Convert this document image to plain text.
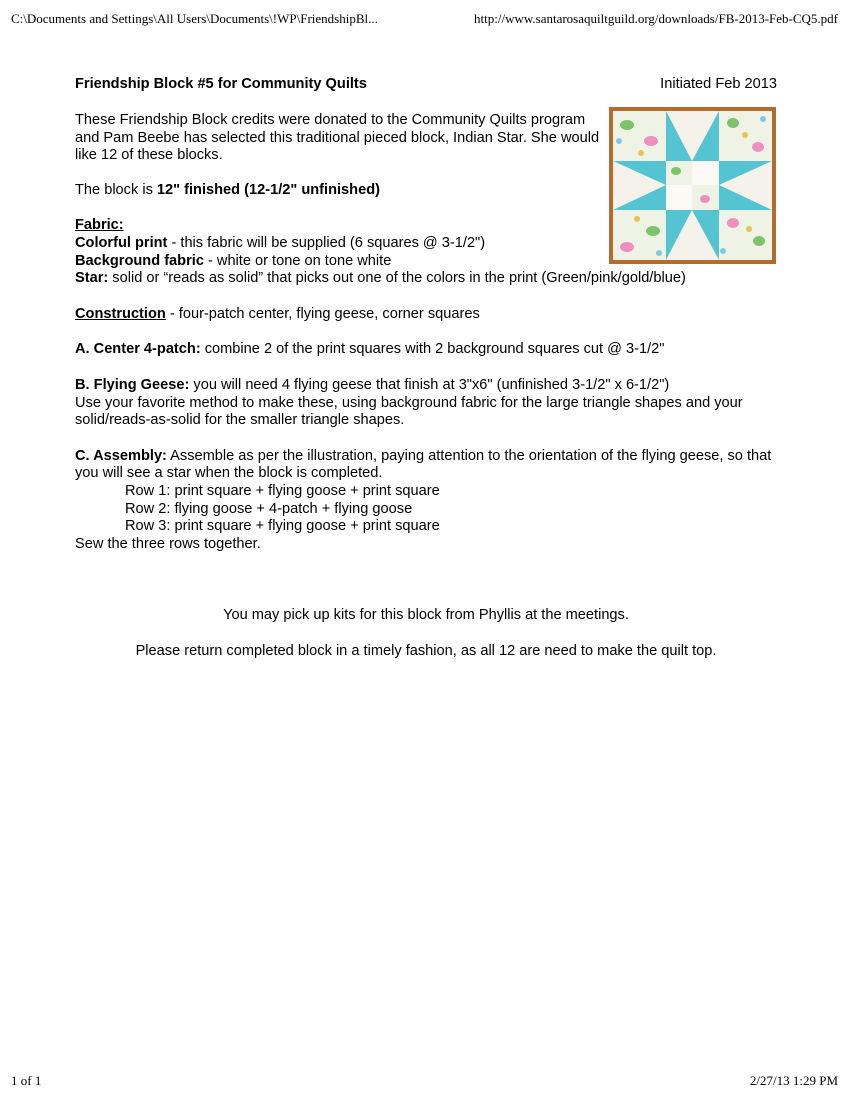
C:\Documents and Settings\All Users\Documents\!WP\FriendshipBl...	http://www.santarosaquiltguild.org/downloads/FB-2013-Feb-CQ5.pdf
Friendship Block #5 for Community Quilts	Initiated Feb 2013

These Friendship Block credits were donated to the Community Quilts program and Pam Beebe has selected this traditional pieced block, Indian Star. She would like 12 of these blocks.

The block is 12" finished (12-1/2" unfinished)

Fabric:

Colorful print - this fabric will be supplied (6 squares @ 3-1/2")

Background fabric - white or tone on tone white

Star: solid or “reads as solid” that picks out one of the colors in the print (Green/pink/gold/blue)

Construction - four-patch center, flying geese, corner squares

A. Center 4-patch: combine 2 of the print squares with 2 background squares cut @ 3-1/2"

B. Flying Geese: you will need 4 flying geese that finish at 3"x6" (unfinished 3-1/2" x 6-1/2")

Use your favorite method to make these, using background fabric for the large triangle shapes and your solid/reads-as-solid for the smaller triangle shapes.

C. Assembly: Assemble as per the illustration, paying attention to the orientation of the flying geese, so that you will see a star when the block is completed.

Row 1: print square + flying goose + print square

Row 2: flying goose + 4-patch + flying goose

Row 3: print square + flying goose + print square

Sew the three rows together.

You may pick up kits for this block from Phyllis at the meetings.

Please return completed block in a timely fashion, as all 12 are need to make the quilt top.

1 of 1	2/27/13 1:29 PM
